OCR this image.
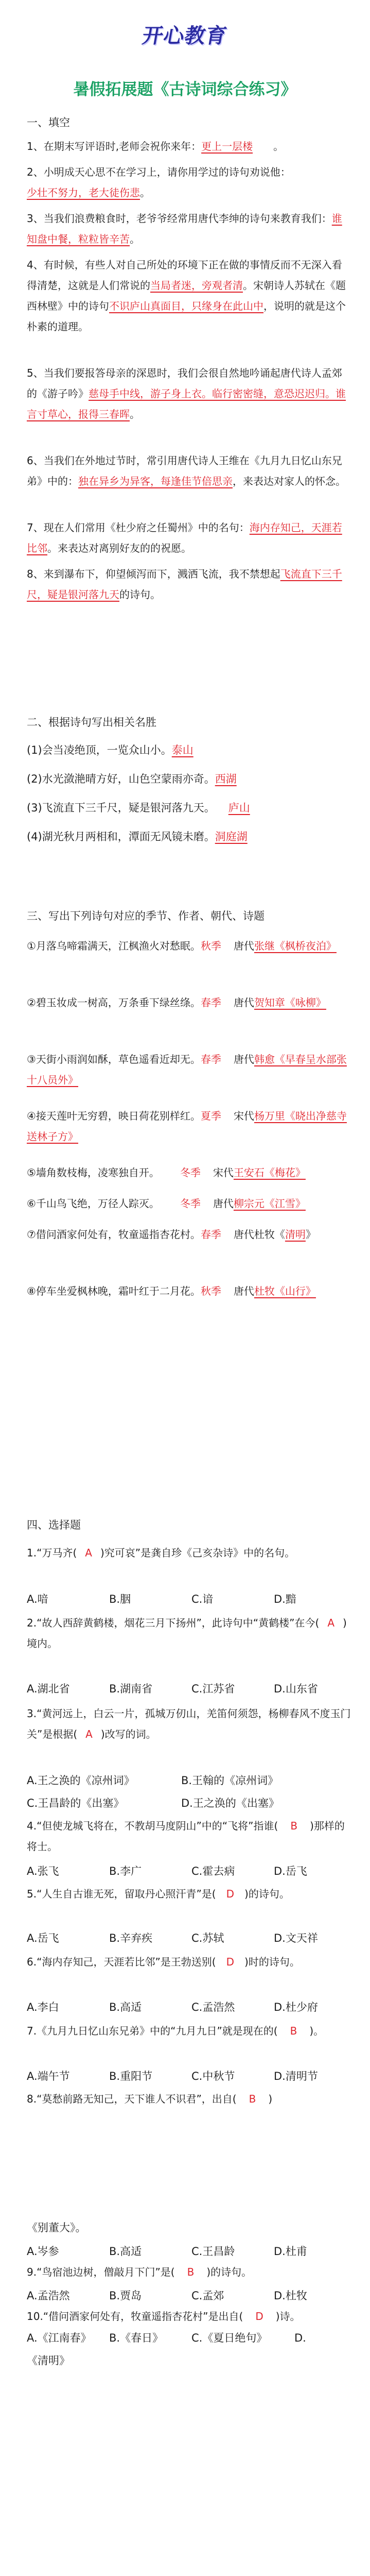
开心教育
暑假拓展题《古诗词综合练习》
一、填空
1、在期末写评语时,老师会祝你来年：更上一层楼 。
2、小明成天心思不在学习上，请你用学过的诗句劝说他：
少壮不努力，老大徒伤悲。
3、当我们浪费粮食时，老爷爷经常用唐代李绅的诗句来教育我们：谁知盘中餐，粒粒皆辛苦。
4、有时候，有些人对自己所处的环境下正在做的事情反而不无深入看得清楚，这就是人们常说的当局者迷，旁观者清。宋朝诗人苏轼在《题西林壁》中的诗句不识庐山真面目，只缘身在此山中，说明的就是这个朴素的道理。
5、当我们要报答母亲的深恩时，我们会很自然地吟诵起唐代诗人孟郊的《游子吟》慈母手中线，游子身上衣。临行密密缝，意恐迟迟归。谁言寸草心，报得三春晖。
6、当我们在外地过节时，常引用唐代诗人王维在《九月九日忆山东兄弟》中的：独在异乡为异客，每逢佳节倍思亲，来表达对家人的怀念。
7、现在人们常用《杜少府之任蜀州》中的名句：海内存知己，天涯若比邻。来表达对离别好友的的祝愿。
8、来到瀑布下，仰望倾泻而下，溅洒飞流，我不禁想起飞流直下三千尺，疑是银河落九天的诗句。
二、根据诗句写出相关名胜
(1)会当凌绝顶，一览众山小。泰山
(2)水光潋滟晴方好，山色空蒙雨亦奇。西湖
(3)飞流直下三千尺，疑是银河落九天。 庐山
(4)湖光秋月两相和，潭面无风镜未磨。洞庭湖
三、写出下列诗句对应的季节、作者、朝代、诗题
①月落乌啼霜满天，江枫渔火对愁眠。秋季 唐代张继《枫桥夜泊》
②碧玉妆成一树高，万条垂下绿丝绦。春季 唐代贺知章《咏柳》
③天街小雨润如酥，草色遥看近却无。春季 唐代韩愈《早春呈水部张十八员外》
④接天莲叶无穷碧，映日荷花别样红。夏季 宋代杨万里《晓出净慈寺送林子方》
⑤墙角数枝梅，凌寒独自开。 冬季 宋代王安石《梅花》
⑥千山鸟飞绝，万径人踪灭。 冬季 唐代柳宗元《江雪》
⑦借问酒家何处有，牧童遥指杏花村。春季 唐代杜牧《清明》
⑧停车坐爱枫林晚，霜叶红于二月花。秋季 唐代杜牧《山行》
四、选择题
1.“万马齐( A )究可哀”是龚自珍《己亥杂诗》中的名句。
A.喑	B.胭	C.谙	D.黯
2.“故人西辞黄鹤楼，烟花三月下扬州”，此诗句中“黄鹤楼”在今( A )境内。
A.湖北省	B.湖南省	C.江苏省	D.山东省
3.“黄河远上，白云一片，孤城万仞山，羌笛何须怨，杨柳春风不度玉门关”是根据( A )改写的词。
A.王之涣的《凉州词》	B.王翰的《凉州词》
C.王昌龄的《出塞》	D.王之涣的《出塞》
4.“但使龙城飞将在，不教胡马度阴山”中的“飞将”指谁( B )那样的将士。
A.张飞	B.李广	C.霍去病	D.岳飞
5.“人生自古谁无死，留取丹心照汗青”是( D )的诗句。
A.岳飞	B.辛弃疾	C.苏轼	D.文天祥
6.“海内存知己，天涯若比邻”是王勃送别( D )时的诗句。
A.李白	B.高适	C.孟浩然	D.杜少府
7.《九月九日忆山东兄弟》中的“九月九日”就是现在的( B )。
A.端午节	B.重阳节	C.中秋节	D.清明节
8.“莫愁前路无知己，天下谁人不识君”，出自( B )
《别董大》。
A.岑参	B.高适	C.王昌龄	D.杜甫
9.“鸟宿池边树，僧敲月下门”是( B )的诗句。
A.孟浩然	B.贾岛	C.孟郊	D.杜牧
10.“借问酒家何处有，牧童遥指杏花村”是出自( D )诗。
A.《江南春》 B.《春日》	C.《夏日绝句》	D.
《清明》
